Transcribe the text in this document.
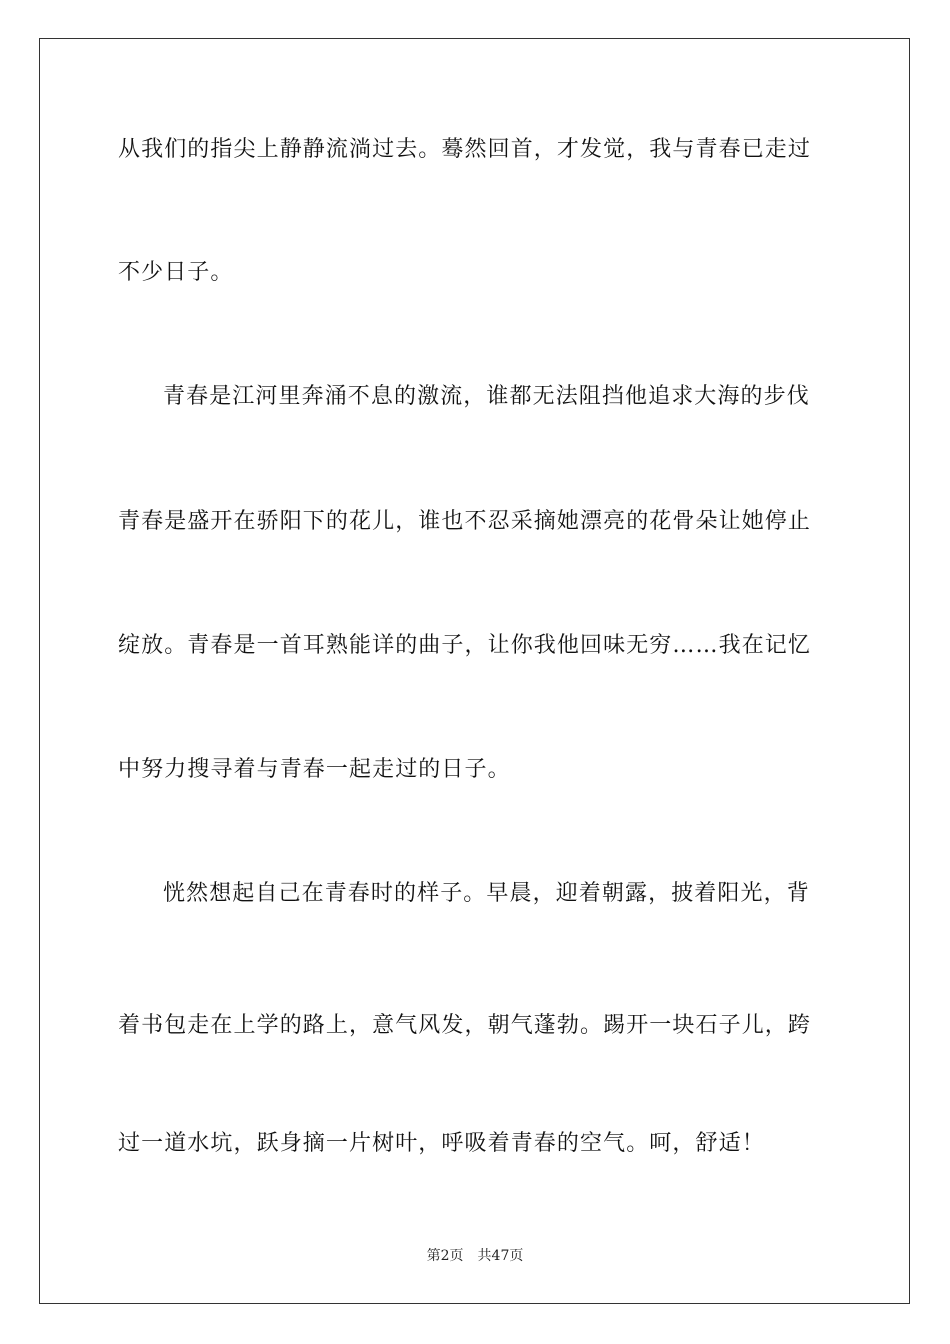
从我们的指尖上静静流淌过去。蓦然回首，才发觉，我与青春已走过
不少日子。
青春是江河里奔涌不息的激流，谁都无法阻挡他追求大海的步伐
青春是盛开在骄阳下的花儿，谁也不忍采摘她漂亮的花骨朵让她停止
绽放。青春是一首耳熟能详的曲子，让你我他回味无穷……我在记忆
中努力搜寻着与青春一起走过的日子。
恍然想起自己在青春时的样子。早晨，迎着朝露，披着阳光，背
着书包走在上学的路上，意气风发，朝气蓬勃。踢开一块石子儿，跨
过一道水坑，跃身摘一片树叶，呼吸着青春的空气。呵，舒适！
第2页 共47页
